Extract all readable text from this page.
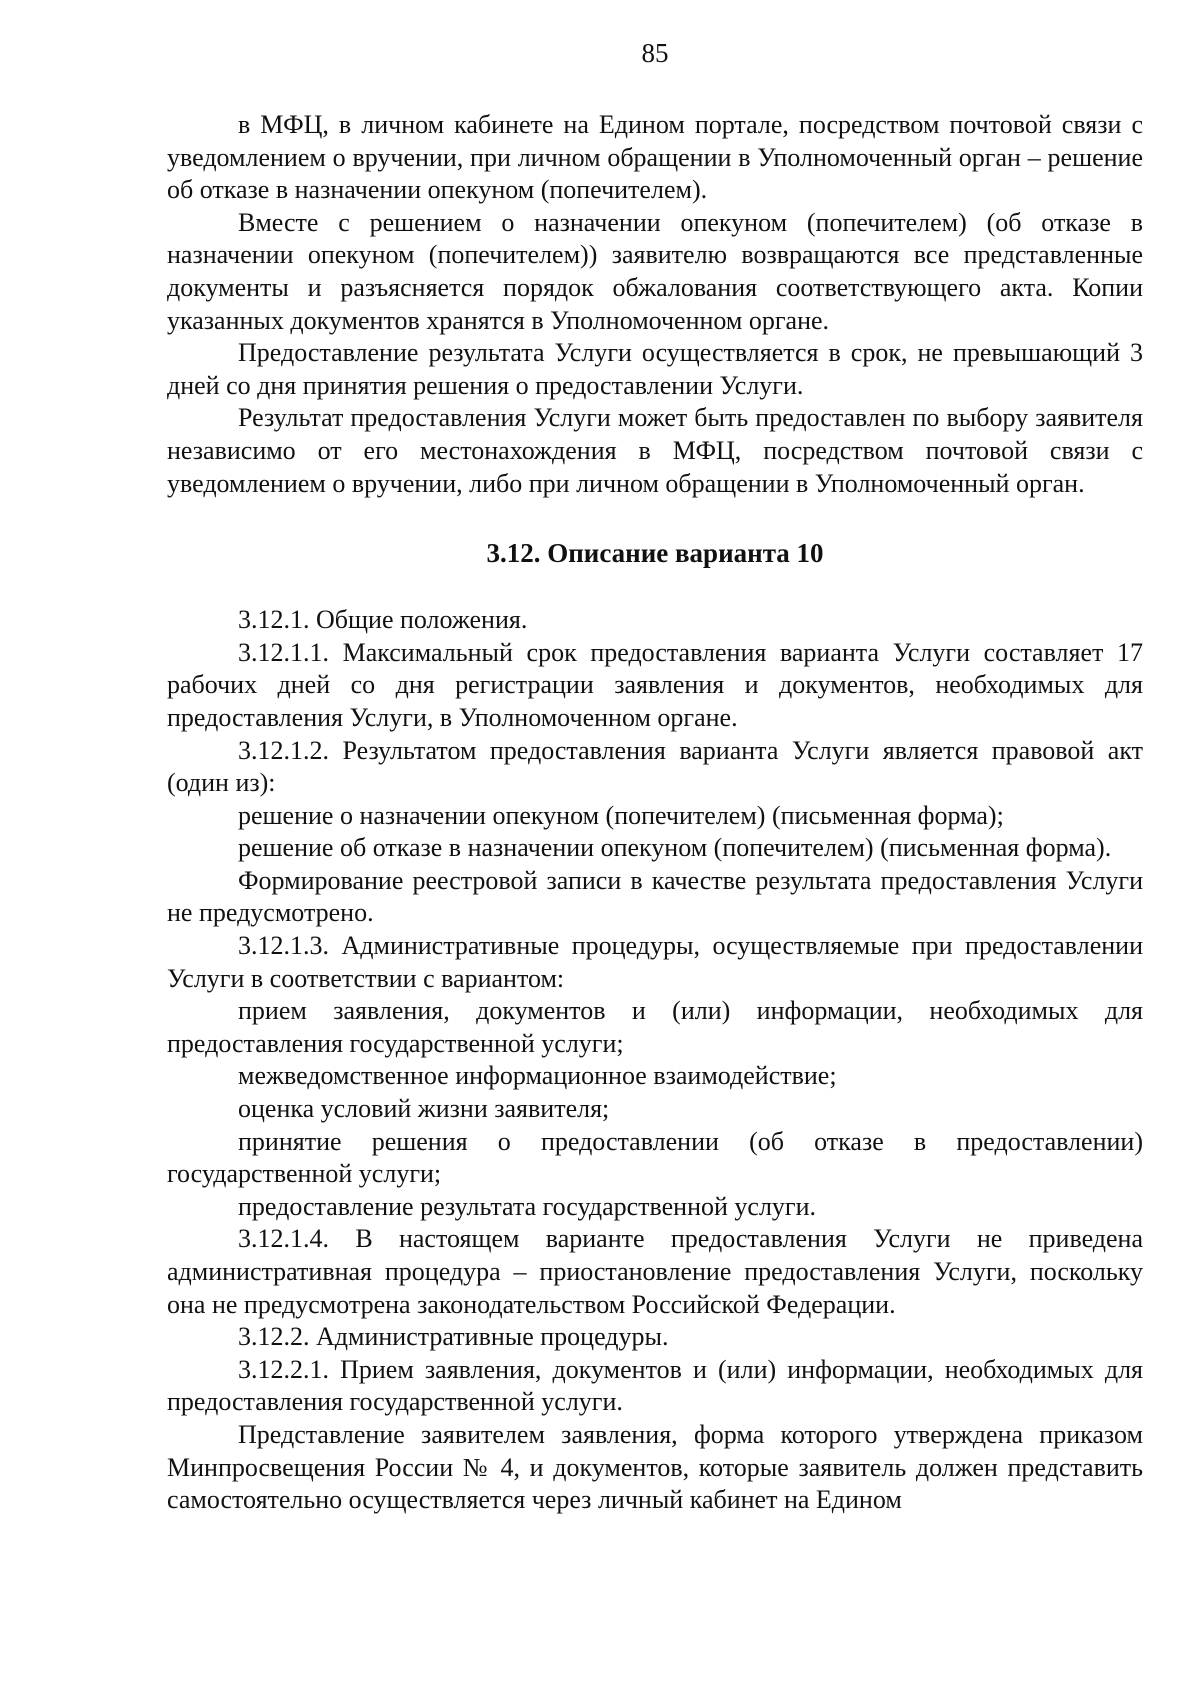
85

в МФЦ, в личном кабинете на Едином портале, посредством почтовой связи с уведомлением о вручении, при личном обращении в Уполномоченный орган – решение об отказе в назначении опекуном (попечителем).

Вместе с решением о назначении опекуном (попечителем) (об отказе в назначении опекуном (попечителем)) заявителю возвращаются все представленные документы и разъясняется порядок обжалования соответствующего акта. Копии указанных документов хранятся в Уполномоченном органе.

Предоставление результата Услуги осуществляется в срок, не превышающий 3 дней со дня принятия решения о предоставлении Услуги.

Результат предоставления Услуги может быть предоставлен по выбору заявителя независимо от его местонахождения в МФЦ, посредством почтовой связи с уведомлением о вручении, либо при личном обращении в Уполномоченный орган.

3.12. Описание варианта 10

3.12.1. Общие положения.

3.12.1.1. Максимальный срок предоставления варианта Услуги составляет 17 рабочих дней со дня регистрации заявления и документов, необходимых для предоставления Услуги, в Уполномоченном органе.

3.12.1.2. Результатом предоставления варианта Услуги является правовой акт (один из):

решение о назначении опекуном (попечителем) (письменная форма);

решение об отказе в назначении опекуном (попечителем) (письменная форма).

Формирование реестровой записи в качестве результата предоставления Услуги не предусмотрено.

3.12.1.3. Административные процедуры, осуществляемые при предоставлении Услуги в соответствии с вариантом:

прием заявления, документов и (или) информации, необходимых для предоставления государственной услуги;

межведомственное информационное взаимодействие;

оценка условий жизни заявителя;

принятие решения о предоставлении (об отказе в предоставлении) государственной услуги;

предоставление результата государственной услуги.

3.12.1.4. В настоящем варианте предоставления Услуги не приведена административная процедура – приостановление предоставления Услуги, поскольку она не предусмотрена законодательством Российской Федерации.

3.12.2. Административные процедуры.

3.12.2.1. Прием заявления, документов и (или) информации, необходимых для предоставления государственной услуги.

Представление заявителем заявления, форма которого утверждена приказом Минпросвещения России № 4, и документов, которые заявитель должен представить самостоятельно осуществляется через личный кабинет на Едином
